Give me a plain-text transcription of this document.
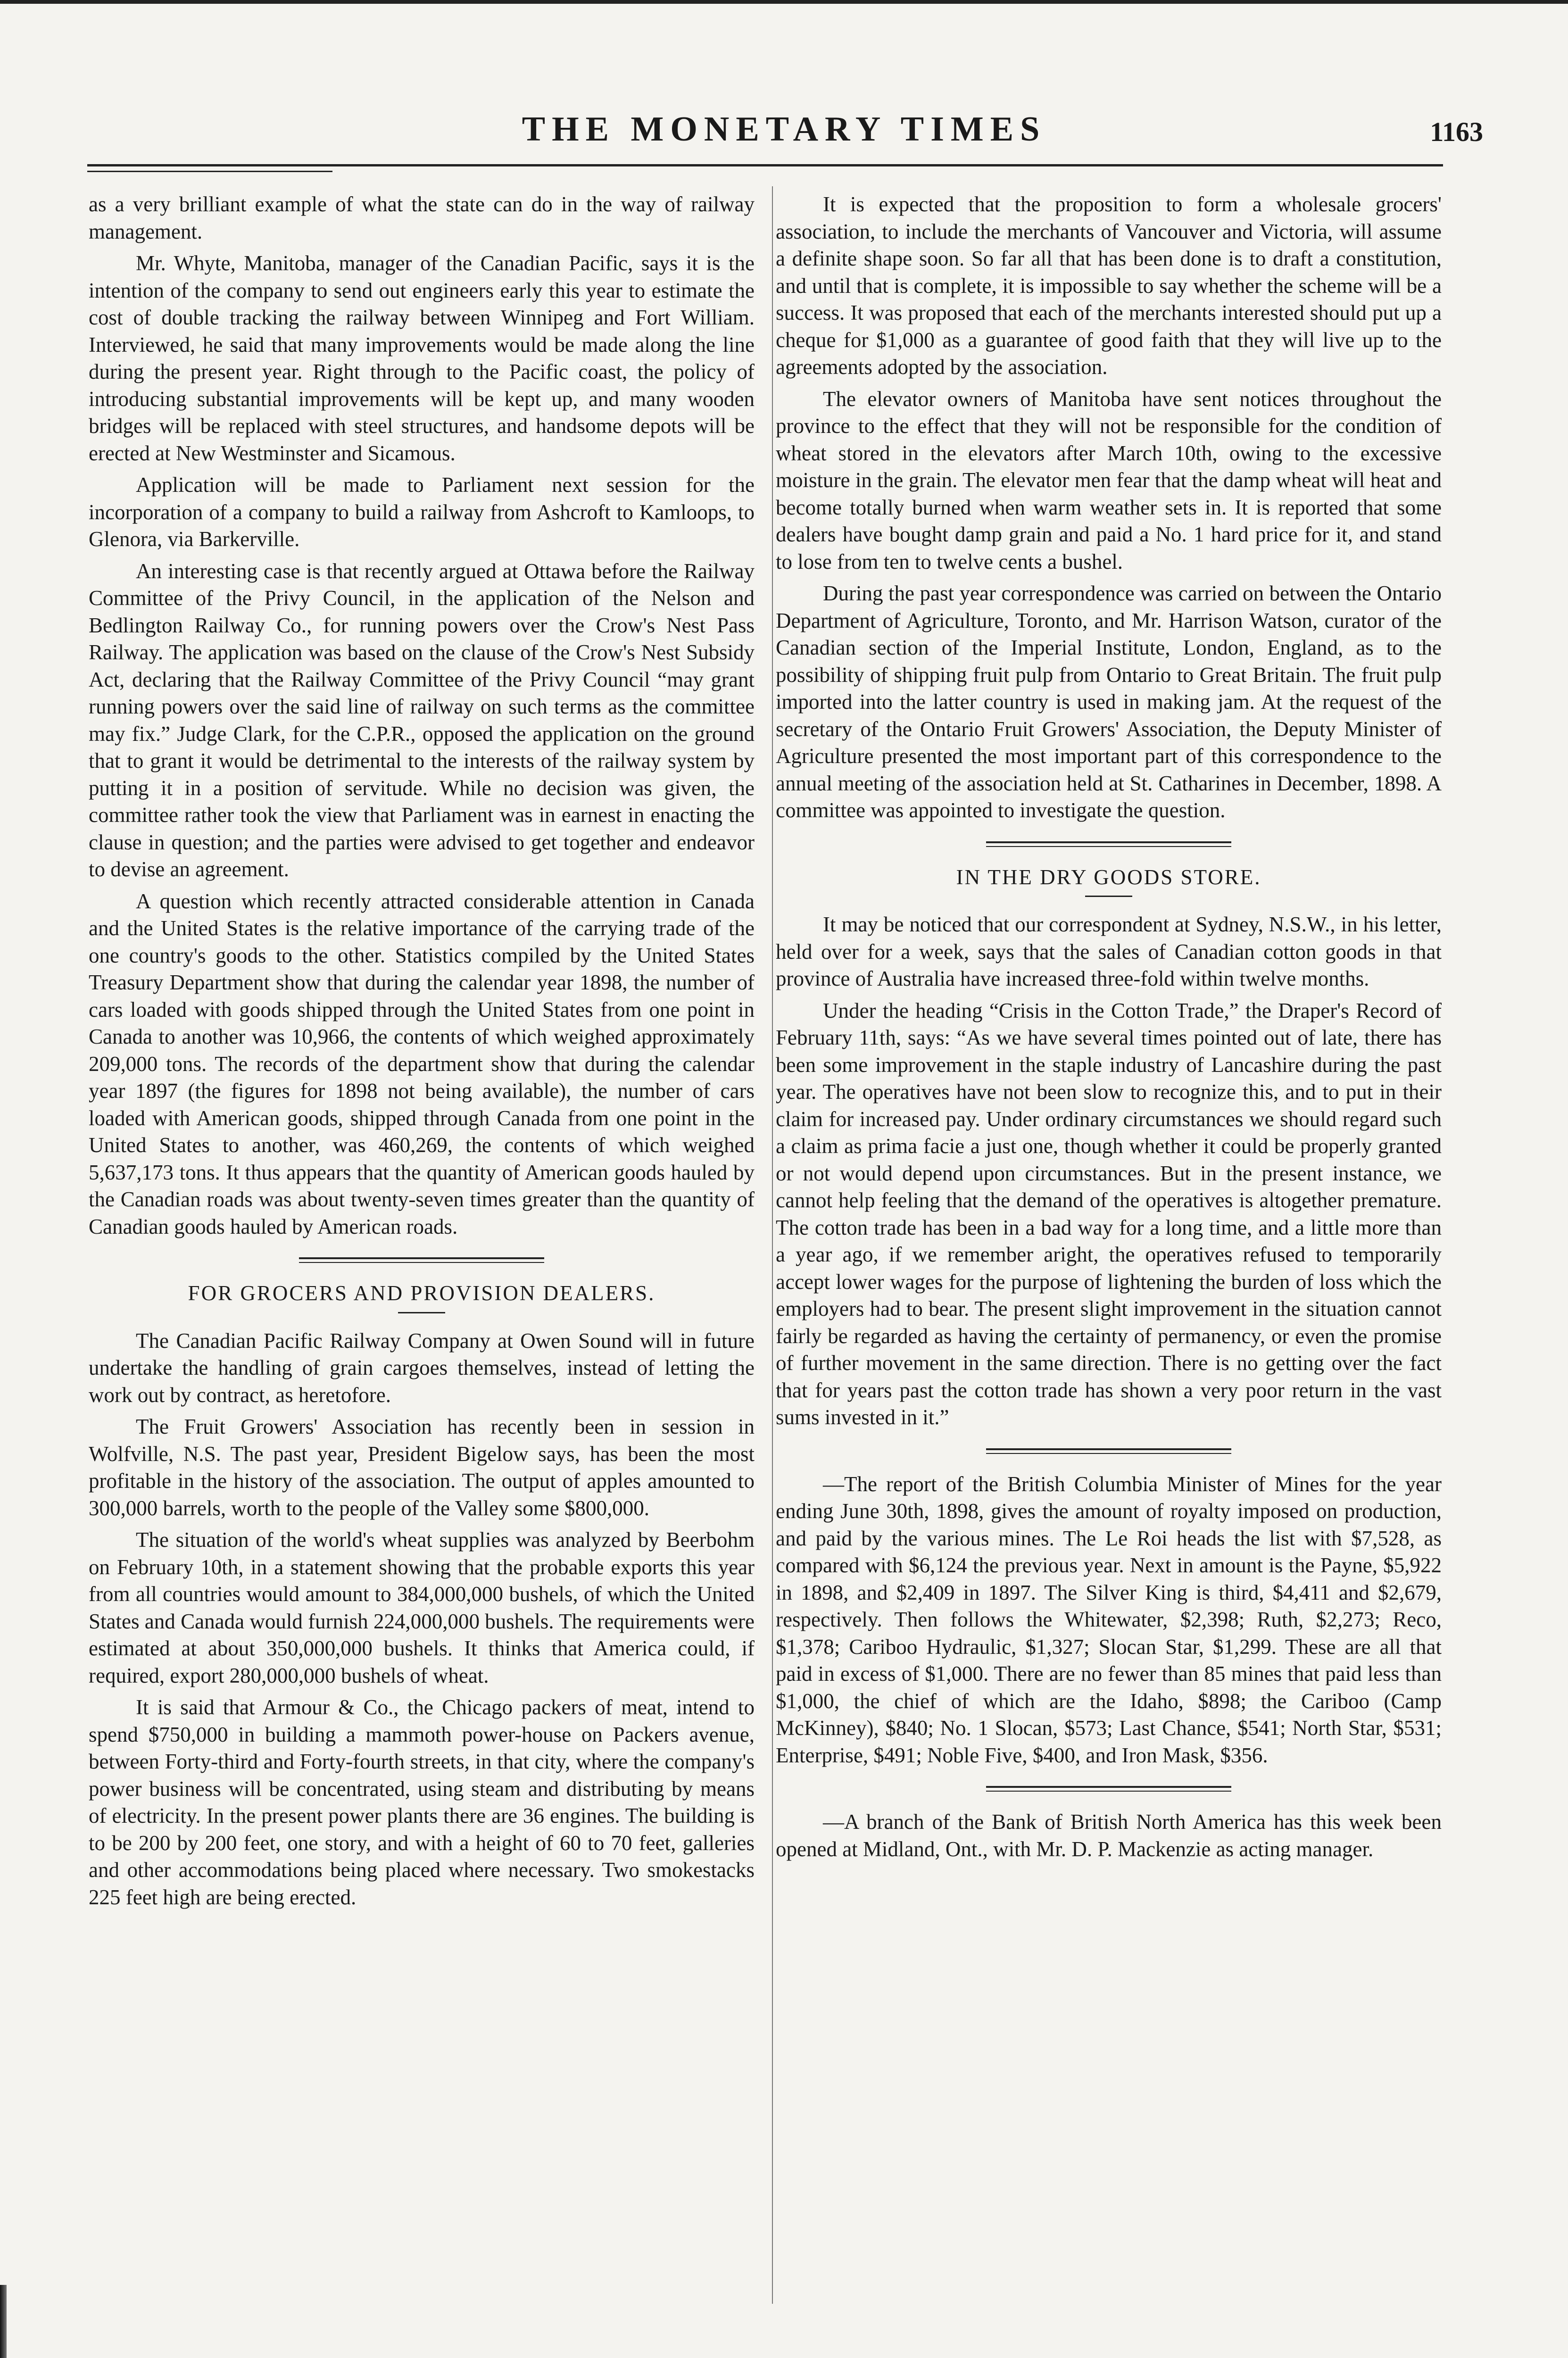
THE MONETARY TIMES	1163

as a very brilliant example of what the state can do in the way of railway management.

Mr. Whyte, Manitoba, manager of the Canadian Pacific, says it is the intention of the company to send out engineers early this year to estimate the cost of double tracking the railway between Winnipeg and Fort William. Interviewed, he said that many improvements would be made along the line during the present year. Right through to the Pacific coast, the policy of introducing substantial improvements will be kept up, and many wooden bridges will be replaced with steel structures, and handsome depots will be erected at New Westminster and Sicamous.

Application will be made to Parliament next session for the incorporation of a company to build a railway from Ashcroft to Kamloops, to Glenora, via Barkerville.

An interesting case is that recently argued at Ottawa before the Railway Committee of the Privy Council, in the application of the Nelson and Bedlington Railway Co., for running powers over the Crow's Nest Pass Railway. The application was based on the clause of the Crow's Nest Subsidy Act, declaring that the Railway Committee of the Privy Council “may grant running powers over the said line of railway on such terms as the committee may fix.” Judge Clark, for the C.P.R., opposed the application on the ground that to grant it would be detrimental to the interests of the railway system by putting it in a position of servitude. While no decision was given, the committee rather took the view that Parliament was in earnest in enacting the clause in question; and the parties were advised to get together and endeavor to devise an agreement.

A question which recently attracted considerable attention in Canada and the United States is the relative importance of the carrying trade of the one country's goods to the other. Statistics compiled by the United States Treasury Department show that during the calendar year 1898, the number of cars loaded with goods shipped through the United States from one point in Canada to another was 10,966, the contents of which weighed approximately 209,000 tons. The records of the department show that during the calendar year 1897 (the figures for 1898 not being available), the number of cars loaded with American goods, shipped through Canada from one point in the United States to another, was 460,269, the contents of which weighed 5,637,173 tons. It thus appears that the quantity of American goods hauled by the Canadian roads was about twenty-seven times greater than the quantity of Canadian goods hauled by American roads.

FOR GROCERS AND PROVISION DEALERS.

The Canadian Pacific Railway Company at Owen Sound will in future undertake the handling of grain cargoes themselves, instead of letting the work out by contract, as heretofore.

The Fruit Growers' Association has recently been in session in Wolfville, N.S. The past year, President Bigelow says, has been the most profitable in the history of the association. The output of apples amounted to 300,000 barrels, worth to the people of the Valley some $800,000.

The situation of the world's wheat supplies was analyzed by Beerbohm on February 10th, in a statement showing that the probable exports this year from all countries would amount to 384,000,000 bushels, of which the United States and Canada would furnish 224,000,000 bushels. The requirements were estimated at about 350,000,000 bushels. It thinks that America could, if required, export 280,000,000 bushels of wheat.

It is said that Armour & Co., the Chicago packers of meat, intend to spend $750,000 in building a mammoth power-house on Packers avenue, between Forty-third and Forty-fourth streets, in that city, where the company's power business will be concentrated, using steam and distributing by means of electricity. In the present power plants there are 36 engines. The building is to be 200 by 200 feet, one story, and with a height of 60 to 70 feet, galleries and other accommodations being placed where necessary. Two smokestacks 225 feet high are being erected.

It is expected that the proposition to form a wholesale grocers' association, to include the merchants of Vancouver and Victoria, will assume a definite shape soon. So far all that has been done is to draft a constitution, and until that is complete, it is impossible to say whether the scheme will be a success. It was proposed that each of the merchants interested should put up a cheque for $1,000 as a guarantee of good faith that they will live up to the agreements adopted by the association.

The elevator owners of Manitoba have sent notices throughout the province to the effect that they will not be responsible for the condition of wheat stored in the elevators after March 10th, owing to the excessive moisture in the grain. The elevator men fear that the damp wheat will heat and become totally burned when warm weather sets in. It is reported that some dealers have bought damp grain and paid a No. 1 hard price for it, and stand to lose from ten to twelve cents a bushel.

During the past year correspondence was carried on between the Ontario Department of Agriculture, Toronto, and Mr. Harrison Watson, curator of the Canadian section of the Imperial Institute, London, England, as to the possibility of shipping fruit pulp from Ontario to Great Britain. The fruit pulp imported into the latter country is used in making jam. At the request of the secretary of the Ontario Fruit Growers' Association, the Deputy Minister of Agriculture presented the most important part of this correspondence to the annual meeting of the association held at St. Catharines in December, 1898. A committee was appointed to investigate the question.

IN THE DRY GOODS STORE.

It may be noticed that our correspondent at Sydney, N.S.W., in his letter, held over for a week, says that the sales of Canadian cotton goods in that province of Australia have increased three-fold within twelve months.

Under the heading “Crisis in the Cotton Trade,” the Draper's Record of February 11th, says: “As we have several times pointed out of late, there has been some improvement in the staple industry of Lancashire during the past year. The operatives have not been slow to recognize this, and to put in their claim for increased pay. Under ordinary circumstances we should regard such a claim as prima facie a just one, though whether it could be properly granted or not would depend upon circumstances. But in the present instance, we cannot help feeling that the demand of the operatives is altogether premature. The cotton trade has been in a bad way for a long time, and a little more than a year ago, if we remember aright, the operatives refused to temporarily accept lower wages for the purpose of lightening the burden of loss which the employers had to bear. The present slight improvement in the situation cannot fairly be regarded as having the certainty of permanency, or even the promise of further movement in the same direction. There is no getting over the fact that for years past the cotton trade has shown a very poor return in the vast sums invested in it.”

—The report of the British Columbia Minister of Mines for the year ending June 30th, 1898, gives the amount of royalty imposed on production, and paid by the various mines. The Le Roi heads the list with $7,528, as compared with $6,124 the previous year. Next in amount is the Payne, $5,922 in 1898, and $2,409 in 1897. The Silver King is third, $4,411 and $2,679, respectively. Then follows the Whitewater, $2,398; Ruth, $2,273; Reco, $1,378; Cariboo Hydraulic, $1,327; Slocan Star, $1,299. These are all that paid in excess of $1,000. There are no fewer than 85 mines that paid less than $1,000, the chief of which are the Idaho, $898; the Cariboo (Camp McKinney), $840; No. 1 Slocan, $573; Last Chance, $541; North Star, $531; Enterprise, $491; Noble Five, $400, and Iron Mask, $356.

—A branch of the Bank of British North America has this week been opened at Midland, Ont., with Mr. D. P. Mackenzie as acting manager.
